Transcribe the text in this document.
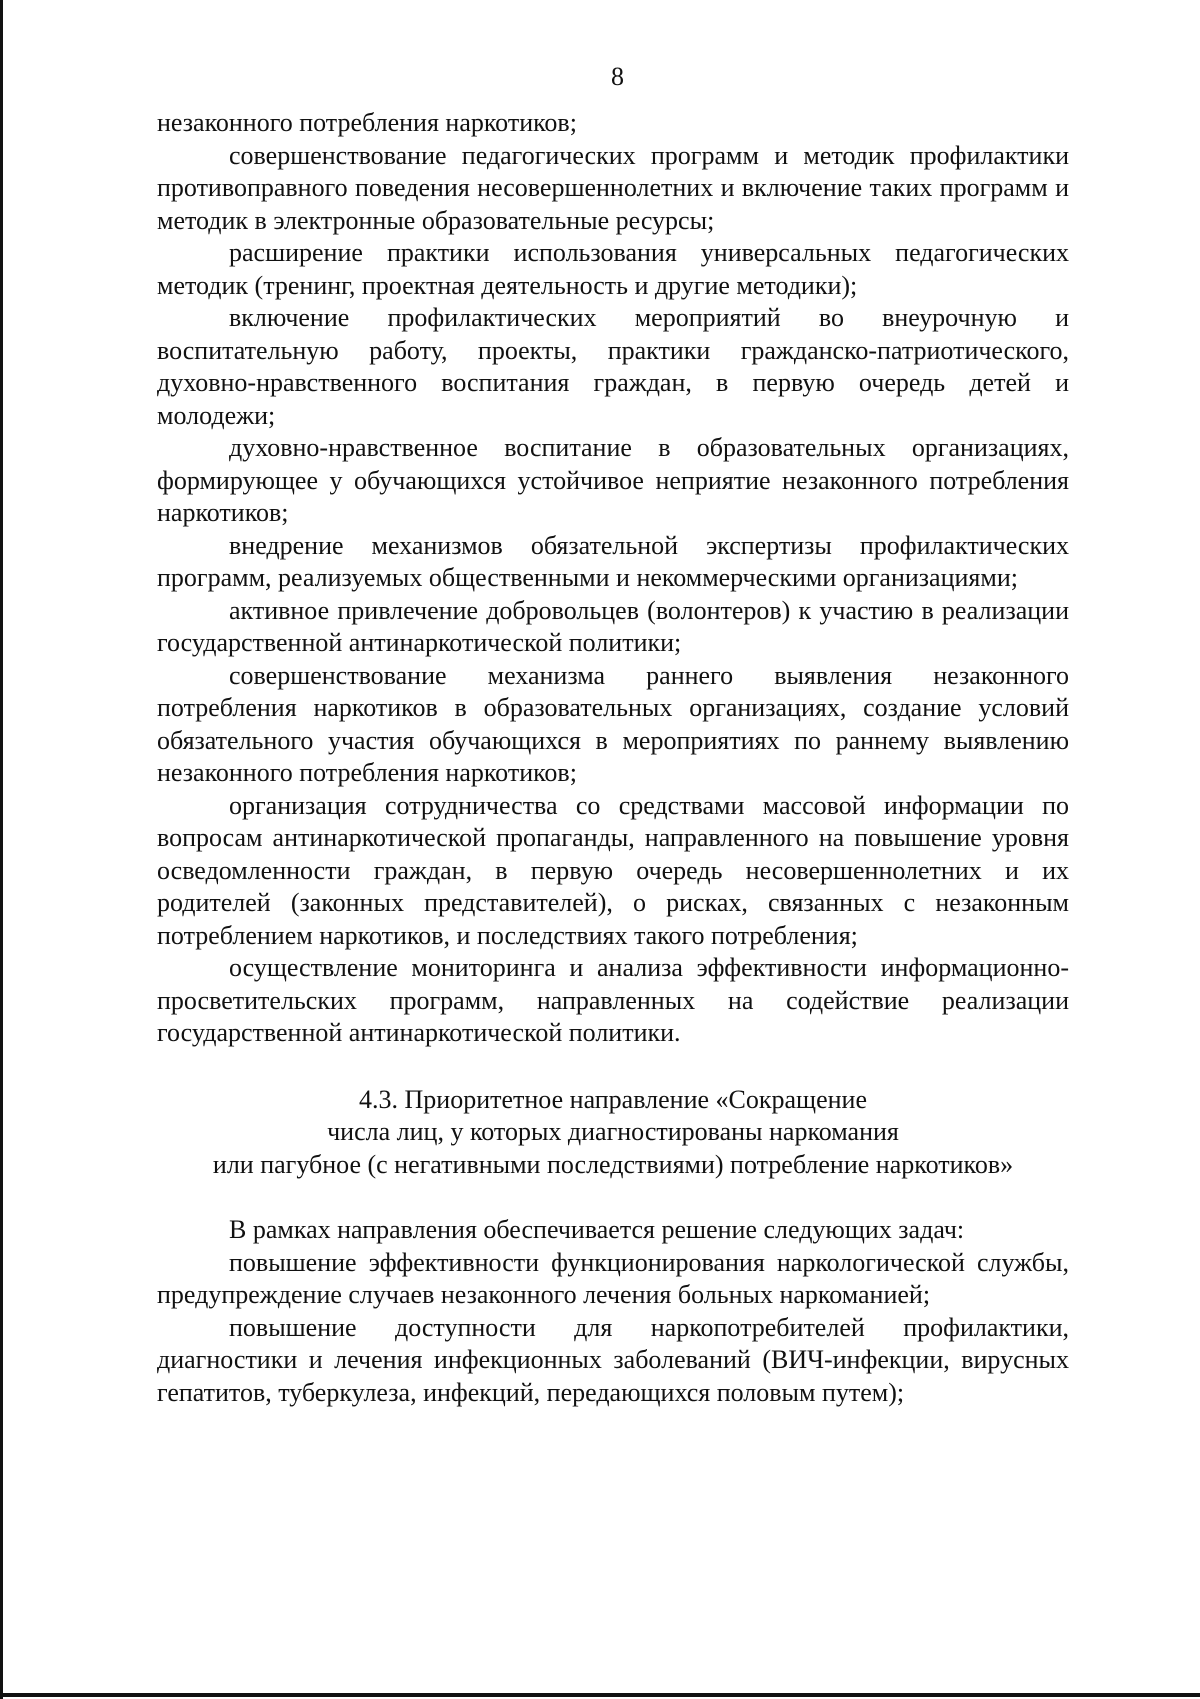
8

незаконного потребления наркотиков;

совершенствование педагогических программ и методик профилактики противоправного поведения несовершеннолетних и включение таких программ и методик в электронные образовательные ресурсы;

расширение практики использования универсальных педагогических методик (тренинг, проектная деятельность и другие методики);

включение профилактических мероприятий во внеурочную и воспитательную работу, проекты, практики гражданско-патриотического, духовно-нравственного воспитания граждан, в первую очередь детей и молодежи;

духовно-нравственное воспитание в образовательных организациях, формирующее у обучающихся устойчивое неприятие незаконного потребления наркотиков;

внедрение механизмов обязательной экспертизы профилактических программ, реализуемых общественными и некоммерческими организациями;

активное привлечение добровольцев (волонтеров) к участию в реализации государственной антинаркотической политики;

совершенствование механизма раннего выявления незаконного потребления наркотиков в образовательных организациях, создание условий обязательного участия обучающихся в мероприятиях по раннему выявлению незаконного потребления наркотиков;

организация сотрудничества со средствами массовой информации по вопросам антинаркотической пропаганды, направленного на повышение уровня осведомленности граждан, в первую очередь несовершеннолетних и их родителей (законных представителей), о рисках, связанных с незаконным потреблением наркотиков, и последствиях такого потребления;

осуществление мониторинга и анализа эффективности информационно-просветительских программ, направленных на содействие реализации государственной антинаркотической политики.

4.3. Приоритетное направление «Сокращение
числа лиц, у которых диагностированы наркомания
или пагубное (с негативными последствиями) потребление наркотиков»

В рамках направления обеспечивается решение следующих задач:

повышение эффективности функционирования наркологической службы, предупреждение случаев незаконного лечения больных наркоманией;

повышение доступности для наркопотребителей профилактики, диагностики и лечения инфекционных заболеваний (ВИЧ-инфекции, вирусных гепатитов, туберкулеза, инфекций, передающихся половым путем);
